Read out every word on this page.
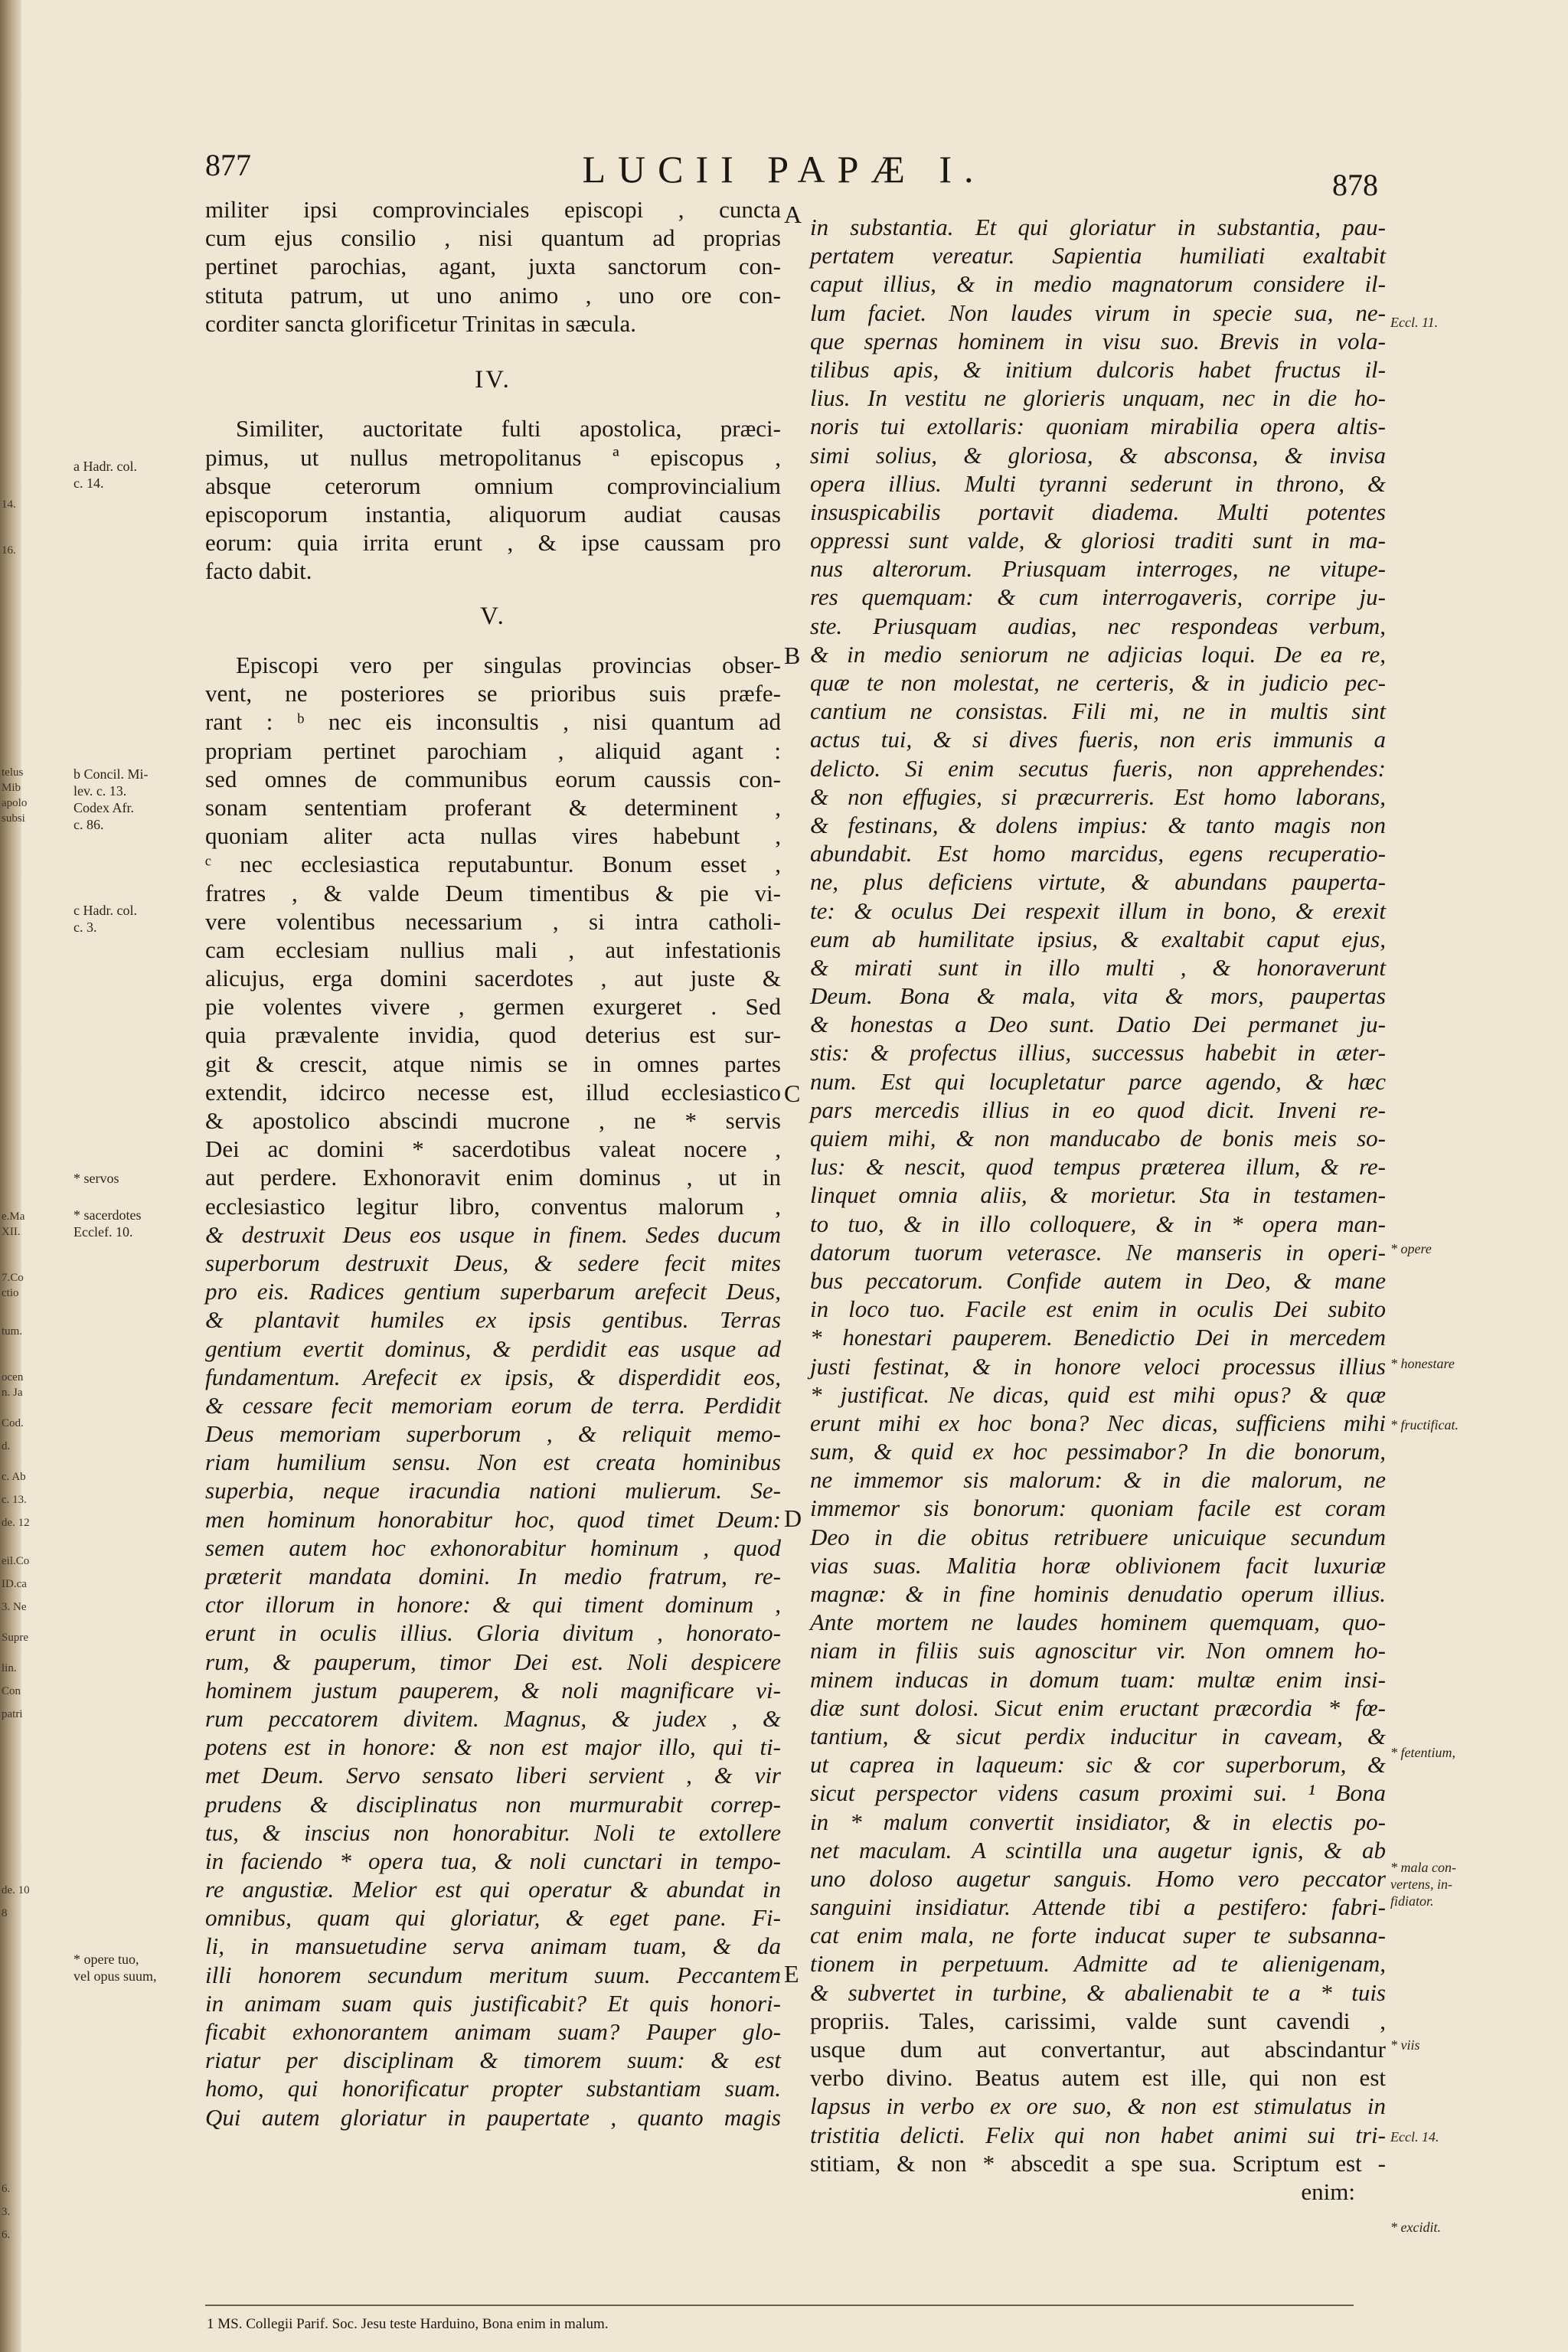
14.
16.
telus
Mib
apolo
subsi
e.Ma
XII.
7.Co
ctio
tum.
ocen
n. Ja
Cod.
d.
c. Ab
c. 13.
de. 12
eil.Co
ID.ca
3. Ne
Supre
lin.
Con
patri
de. 10
8
6.
3.
6.
877	LUCII PAPÆ I.	878
militer ipsi comprovinciales episcopi , cuncta
cum ejus consilio , nisi quantum ad proprias
pertinet parochias, agant, juxta sanctorum con-
stituta patrum, ut uno animo , uno ore con-
corditer sancta glorificetur Trinitas in sæcula.
IV.
Similiter, auctoritate fulti apostolica, præci-
pimus, ut nullus metropolitanus ª episcopus ,
absque ceterorum omnium comprovincialium
episcoporum instantia, aliquorum audiat causas
eorum: quia irrita erunt , & ipse caussam pro
facto dabit.
V.
Episcopi vero per singulas provincias obser-
vent, ne posteriores se prioribus suis præfe-
rant : ᵇ nec eis inconsultis , nisi quantum ad
propriam pertinet parochiam , aliquid agant :
sed omnes de communibus eorum caussis con-
sonam sententiam proferant & determinent ,
quoniam aliter acta nullas vires habebunt ,
ᶜ nec ecclesiastica reputabuntur. Bonum esset ,
fratres , & valde Deum timentibus & pie vi-
vere volentibus necessarium , si intra catholi-
cam ecclesiam nullius mali , aut infestationis
alicujus, erga domini sacerdotes , aut juste &
pie volentes vivere , germen exurgeret . Sed
quia prævalente invidia, quod deterius est sur-
git & crescit, atque nimis se in omnes partes
extendit, idcirco necesse est, illud ecclesiastico
& apostolico abscindi mucrone , ne * servis
Dei ac domini * sacerdotibus valeat nocere ,
aut perdere. Exhonoravit enim dominus , ut in
ecclesiastico legitur libro, conventus malorum ,
& destruxit Deus eos usque in finem. Sedes ducum
superborum destruxit Deus, & sedere fecit mites
pro eis. Radices gentium superbarum arefecit Deus,
& plantavit humiles ex ipsis gentibus. Terras
gentium evertit dominus, & perdidit eas usque ad
fundamentum. Arefecit ex ipsis, & disperdidit eos,
& cessare fecit memoriam eorum de terra. Perdidit
Deus memoriam superborum , & reliquit memo-
riam humilium sensu. Non est creata hominibus
superbia, neque iracundia nationi mulierum. Se-
men hominum honorabitur hoc, quod timet Deum:
semen autem hoc exhonorabitur hominum , quod
præterit mandata domini. In medio fratrum, re-
ctor illorum in honore: & qui timent dominum ,
erunt in oculis illius. Gloria divitum , honorato-
rum, & pauperum, timor Dei est. Noli despicere
hominem justum pauperem, & noli magnificare vi-
rum peccatorem divitem. Magnus, & judex , &
potens est in honore: & non est major illo, qui ti-
met Deum. Servo sensato liberi servient , & vir
prudens & disciplinatus non murmurabit correp-
tus, & inscius non honorabitur. Noli te extollere
in faciendo * opera tua, & noli cunctari in tempo-
re angustiæ. Melior est qui operatur & abundat in
omnibus, quam qui gloriatur, & eget pane. Fi-
li, in mansuetudine serva animam tuam, & da
illi honorem secundum meritum suum. Peccantem
in animam suam quis justificabit? Et quis honori-
ficabit exhonorantem animam suam? Pauper glo-
riatur per disciplinam & timorem suum: & est
homo, qui honorificatur propter substantiam suam.
Qui autem gloriatur in paupertate , quanto magis
in substantia. Et qui gloriatur in substantia, pau-
pertatem vereatur. Sapientia humiliati exaltabit
caput illius, & in medio magnatorum considere il-
lum faciet. Non laudes virum in specie sua, ne-
que spernas hominem in visu suo. Brevis in vola-
tilibus apis, & initium dulcoris habet fructus il-
lius. In vestitu ne glorieris unquam, nec in die ho-
noris tui extollaris: quoniam mirabilia opera altis-
simi solius, & gloriosa, & absconsa, & invisa
opera illius. Multi tyranni sederunt in throno, &
insuspicabilis portavit diadema. Multi potentes
oppressi sunt valde, & gloriosi traditi sunt in ma-
nus alterorum. Priusquam interroges, ne vitupe-
res quemquam: & cum interrogaveris, corripe ju-
ste. Priusquam audias, nec respondeas verbum,
& in medio seniorum ne adjicias loqui. De ea re,
quæ te non molestat, ne certeris, & in judicio pec-
cantium ne consistas. Fili mi, ne in multis sint
actus tui, & si dives fueris, non eris immunis a
delicto. Si enim secutus fueris, non apprehendes:
& non effugies, si præcurreris. Est homo laborans,
& festinans, & dolens impius: & tanto magis non
abundabit. Est homo marcidus, egens recuperatio-
ne, plus deficiens virtute, & abundans pauperta-
te: & oculus Dei respexit illum in bono, & erexit
eum ab humilitate ipsius, & exaltabit caput ejus,
& mirati sunt in illo multi , & honoraverunt
Deum. Bona & mala, vita & mors, paupertas
& honestas a Deo sunt. Datio Dei permanet ju-
stis: & profectus illius, successus habebit in æter-
num. Est qui locupletatur parce agendo, & hæc
pars mercedis illius in eo quod dicit. Inveni re-
quiem mihi, & non manducabo de bonis meis so-
lus: & nescit, quod tempus præterea illum, & re-
linquet omnia aliis, & morietur. Sta in testamen-
to tuo, & in illo colloquere, & in * opera man-
datorum tuorum veterasce. Ne manseris in operi-
bus peccatorum. Confide autem in Deo, & mane
in loco tuo. Facile est enim in oculis Dei subito
* honestari pauperem. Benedictio Dei in mercedem
justi festinat, & in honore veloci processus illius
* justificat. Ne dicas, quid est mihi opus? & quæ
erunt mihi ex hoc bona? Nec dicas, sufficiens mihi
sum, & quid ex hoc pessimabor? In die bonorum,
ne immemor sis malorum: & in die malorum, ne
immemor sis bonorum: quoniam facile est coram
Deo in die obitus retribuere unicuique secundum
vias suas. Malitia horæ oblivionem facit luxuriæ
magnæ: & in fine hominis denudatio operum illius.
Ante mortem ne laudes hominem quemquam, quo-
niam in filiis suis agnoscitur vir. Non omnem ho-
minem inducas in domum tuam: multæ enim insi-
diæ sunt dolosi. Sicut enim eructant præcordia * fœ-
tantium, & sicut perdix inducitur in caveam, &
ut caprea in laqueum: sic & cor superborum, &
sicut perspector videns casum proximi sui. ¹ Bona
in * malum convertit insidiator, & in electis po-
net maculam. A scintilla una augetur ignis, & ab
uno doloso augetur sanguis. Homo vero peccator
sanguini insidiatur. Attende tibi a pestifero: fabri-
cat enim mala, ne forte inducat super te subsanna-
tionem in perpetuum. Admitte ad te alienigenam,
& subvertet in turbine, & abalienabit te a * tuis
propriis. Tales, carissimi, valde sunt cavendi ,
usque dum aut convertantur, aut abscindantur
verbo divino. Beatus autem est ille, qui non est
lapsus in verbo ex ore suo, & non est stimulatus in
tristitia delicti. Felix qui non habet animi sui tri-
stitiam, & non * abscedit a spe sua. Scriptum est -
enim:
A
B
C
D
E
a Hadr. col.
c. 14.
b Concil. Mi-
lev. c. 13.
Codex Afr.
c. 86.
c Hadr. col.
c. 3.
* servos
* sacerdotes
Ecclef. 10.
* opere tuo,
vel opus suum,
Eccl. 11.
* opere
* honestare
* fructificat.
* fetentium,
* mala con-
vertens, in-
fidiator.
* viis
Eccl. 14.
* excidit.
1 MS. Collegii Parif. Soc. Jesu teste Harduino, Bona enim in malum.
